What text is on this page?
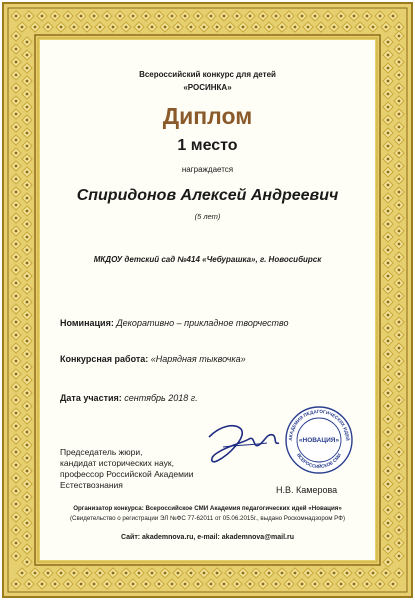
Всероссийский конкурс для детей
«РОСИНКА»
Диплом
1 место
награждается
Спиридонов Алексей Андреевич
(5 лет)
МКДОУ детский сад №414 «Чебурашка», г. Новосибирск
Номинация: Декоративно – прикладное творчество
Конкурсная работа: «Нарядная тыквочка»
Дата участия: сентябрь 2018 г.
Председатель жюри,
кандидат исторических наук,
профессор Российской Академии
Естествознания
АКАДЕМИЯ ПЕДАГОГИЧЕСКИХ ИДЕЙ
ВСЕРОССИЙСКОЕ СМИ
«НОВАЦИЯ»
Н.В. Камерова
Организатор конкурса: Всероссийское СМИ Академия педагогических идей «Новация»
(Свидетельство о регистрации ЭЛ №ФС 77-62011 от 05.06.2015г., выдано Роскомнадзором РФ)
Сайт: akademnova.ru, e-mail: akademnova@mail.ru
